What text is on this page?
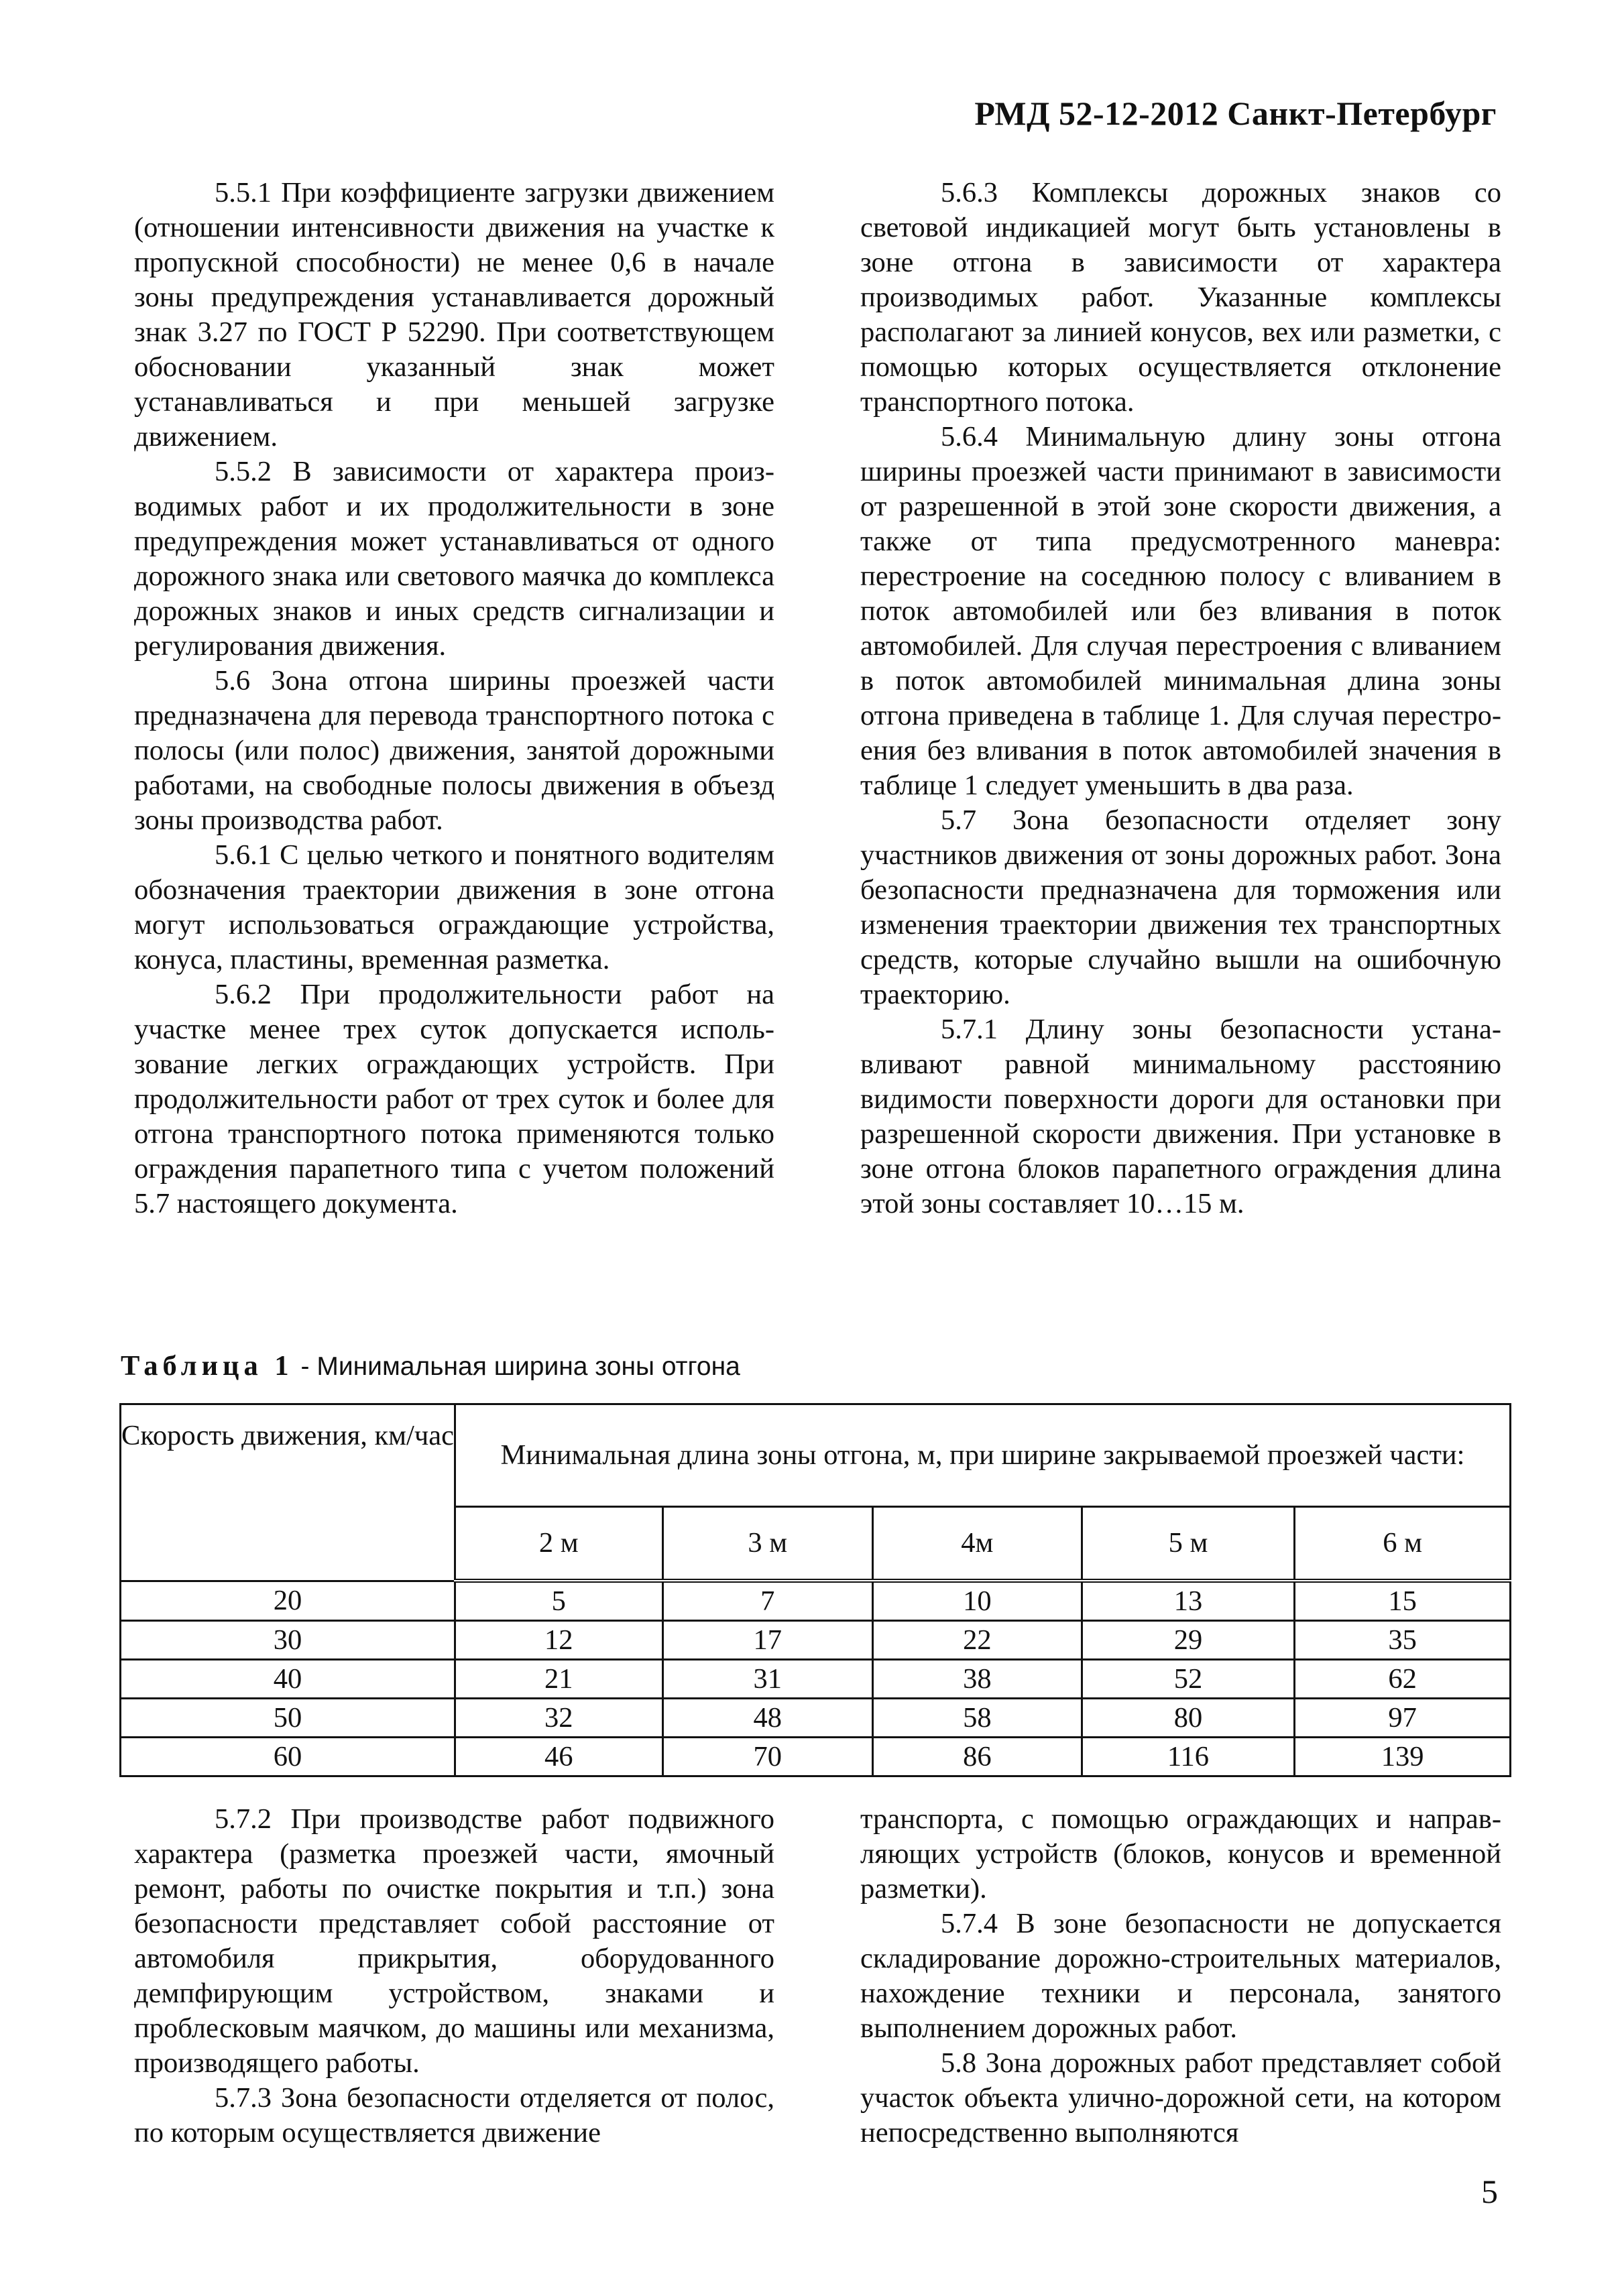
РМД 52-12-2012 Санкт-Петербург

5.5.1 При коэффициенте загрузки движением (отношении интенсивности движения на участке к пропускной способности) не менее 0,6 в начале зоны предупреждения устанавливается дорожный знак 3.27 по ГОСТ Р 52290. При соответствующем обосновании указанный знак может устанавливаться и при меньшей загрузке движением.

5.5.2 В зависимости от характера производимых работ и их продолжительности в зоне предупреждения может устанавливаться от одного дорожного знака или светового маячка до комплекса дорожных знаков и иных средств сигнализации и регулирования движения.

5.6 Зона отгона ширины проезжей части предназначена для перевода транспортного потока с полосы (или полос) движения, занятой дорожными работами, на свободные полосы движения в объезд зоны производства работ.

5.6.1 С целью четкого и понятного водителям обозначения траектории движения в зоне отгона могут использоваться ограждающие устройства, конуса, пластины, временная разметка.

5.6.2 При продолжительности работ на участке менее трех суток допускается использование легких ограждающих устройств. При продолжительности работ от трех суток и более для отгона транспортного потока применяются только ограждения парапетного типа с учетом положений 5.7 настоящего документа.

5.6.3 Комплексы дорожных знаков со световой индикацией могут быть установлены в зоне отгона в зависимости от характера производимых работ. Указанные комплексы располагают за линией конусов, вех или разметки, с помощью которых осуществляется отклонение транспортного потока.

5.6.4 Минимальную длину зоны отгона ширины проезжей части принимают в зависимости от разрешенной в этой зоне скорости движения, а также от типа предусмотренного маневра: перестроение на соседнюю полосу с вливанием в поток автомобилей или без вливания в поток автомобилей. Для случая перестроения с вливанием в поток автомобилей минимальная длина зоны отгона приведена в таблице 1. Для случая перестроения без вливания в поток автомобилей значения в таблице 1 следует уменьшить в два раза.

5.7 Зона безопасности отделяет зону участников движения от зоны дорожных работ. Зона безопасности предназначена для торможения или изменения траектории движения тех транспортных средств, которые случайно вышли на ошибочную траекторию.

5.7.1 Длину зоны безопасности устанавливают равной минимальному расстоянию видимости поверхности дороги для остановки при разрешенной скорости движения. При установке в зоне отгона блоков парапетного ограждения длина этой зоны составляет 10…15 м.

Таблица 1 - Минимальная ширина зоны отгона
Скорость движения, км/час	Минимальная длина зоны отгона, м, при ширине закрываемой проезжей части:				
	2 м	3 м	4м	5 м	6 м
20	5	7	10	13	15
30	12	17	22	29	35
40	21	31	38	52	62
50	32	48	58	80	97
60	46	70	86	116	139

5.7.2 При производстве работ подвижного характера (разметка проезжей части, ямочный ремонт, работы по очистке покрытия и т.п.) зона безопасности представляет собой расстояние от автомобиля прикрытия, оборудованного демпфирующим устройством, знаками и проблесковым маячком, до машины или механизма, производящего работы.

5.7.3 Зона безопасности отделяется от полос, по которым осуществляется движение

транспорта, с помощью ограждающих и направляющих устройств (блоков, конусов и временной разметки).

5.7.4 В зоне безопасности не допускается складирование дорожно-строительных материалов, нахождение техники и персонала, занятого выполнением дорожных работ.

5.8 Зона дорожных работ представляет собой участок объекта улично-дорожной сети, на котором непосредственно выполняются

5
